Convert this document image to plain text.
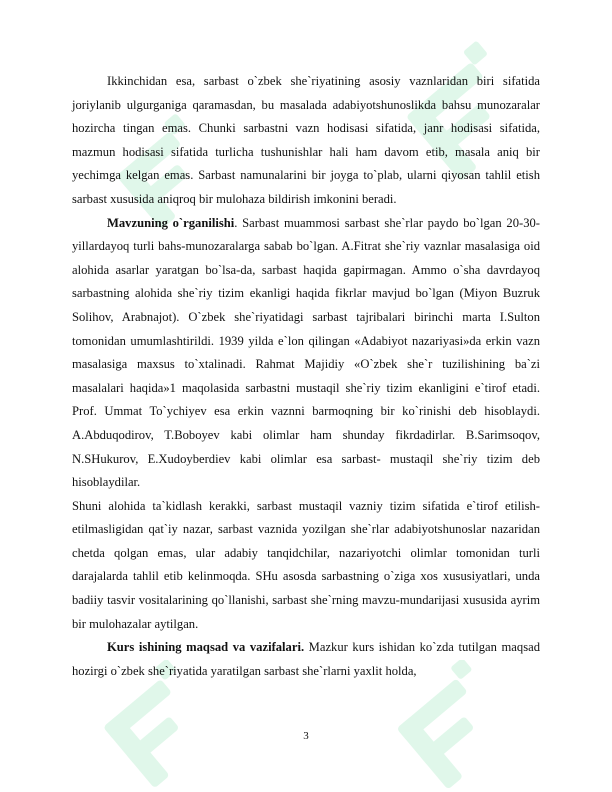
Ikkinchidan esa, sarbast o`zbek she`riyatining asosiy vaznlaridan biri sifatida joriylanib ulgurganiga qaramasdan, bu masalada adabiyotshunoslikda bahsu munozaralar hozircha tingan emas. Chunki sarbastni vazn hodisasi sifatida, janr hodisasi sifatida, mazmun hodisasi sifatida turlicha tushunishlar hali ham davom etib, masala aniq bir yechimga kelgan emas. Sarbast namunalarini bir joyga to`plab, ularni qiyosan tahlil etish sarbast xususida aniqroq bir mulohaza bildirish imkonini beradi.

Mavzuning o`rganilishi. Sarbast muammosi sarbast she`rlar paydo bo`lgan 20-30-yillardayoq turli bahs-munozaralarga sabab bo`lgan. A.Fitrat she`riy vaznlar masalasiga oid alohida asarlar yaratgan bo`lsa-da, sarbast haqida gapirmagan. Ammo o`sha davrdayoq sarbastning alohida she`riy tizim ekanligi haqida fikrlar mavjud bo`lgan (Miyon Buzruk Solihov, Arabnajot). O`zbek she`riyatidagi sarbast tajribalari birinchi marta I.Sulton tomonidan umumlashtirildi. 1939 yilda e`lon qilingan «Adabiyot nazariyasi»da erkin vazn masalasiga maxsus to`xtalinadi. Rahmat Majidiy «O`zbek she`r tuzilishining ba`zi masalalari haqida»1 maqolasida sarbastni mustaqil she`riy tizim ekanligini e`tirof etadi. Prof. Ummat To`ychiyev esa erkin vaznni barmoqning bir ko`rinishi deb hisoblaydi. A.Abduqodirov, T.Boboyev kabi olimlar ham shunday fikrdadirlar. B.Sarimsoqov, N.SHukurov, E.Xudoyberdiev kabi olimlar esa sarbast- mustaqil she`riy tizim deb hisoblaydilar.

Shuni alohida ta`kidlash kerakki, sarbast mustaqil vazniy tizim sifatida e`tirof etilish-etilmasligidan qat`iy nazar, sarbast vaznida yozilgan she`rlar adabiyotshunoslar nazaridan chetda qolgan emas, ular adabiy tanqidchilar, nazariyotchi olimlar tomonidan turli darajalarda tahlil etib kelinmoqda. SHu asosda sarbastning o`ziga xos xususiyatlari, unda badiiy tasvir vositalarining qo`llanishi, sarbast she`rning mavzu-mundarijasi xususida ayrim bir mulohazalar aytilgan.

Kurs ishining maqsad va vazifalari. Mazkur kurs ishidan ko`zda tutilgan maqsad hozirgi o`zbek she`riyatida yaratilgan sarbast she`rlarni yaxlit holda,

3
